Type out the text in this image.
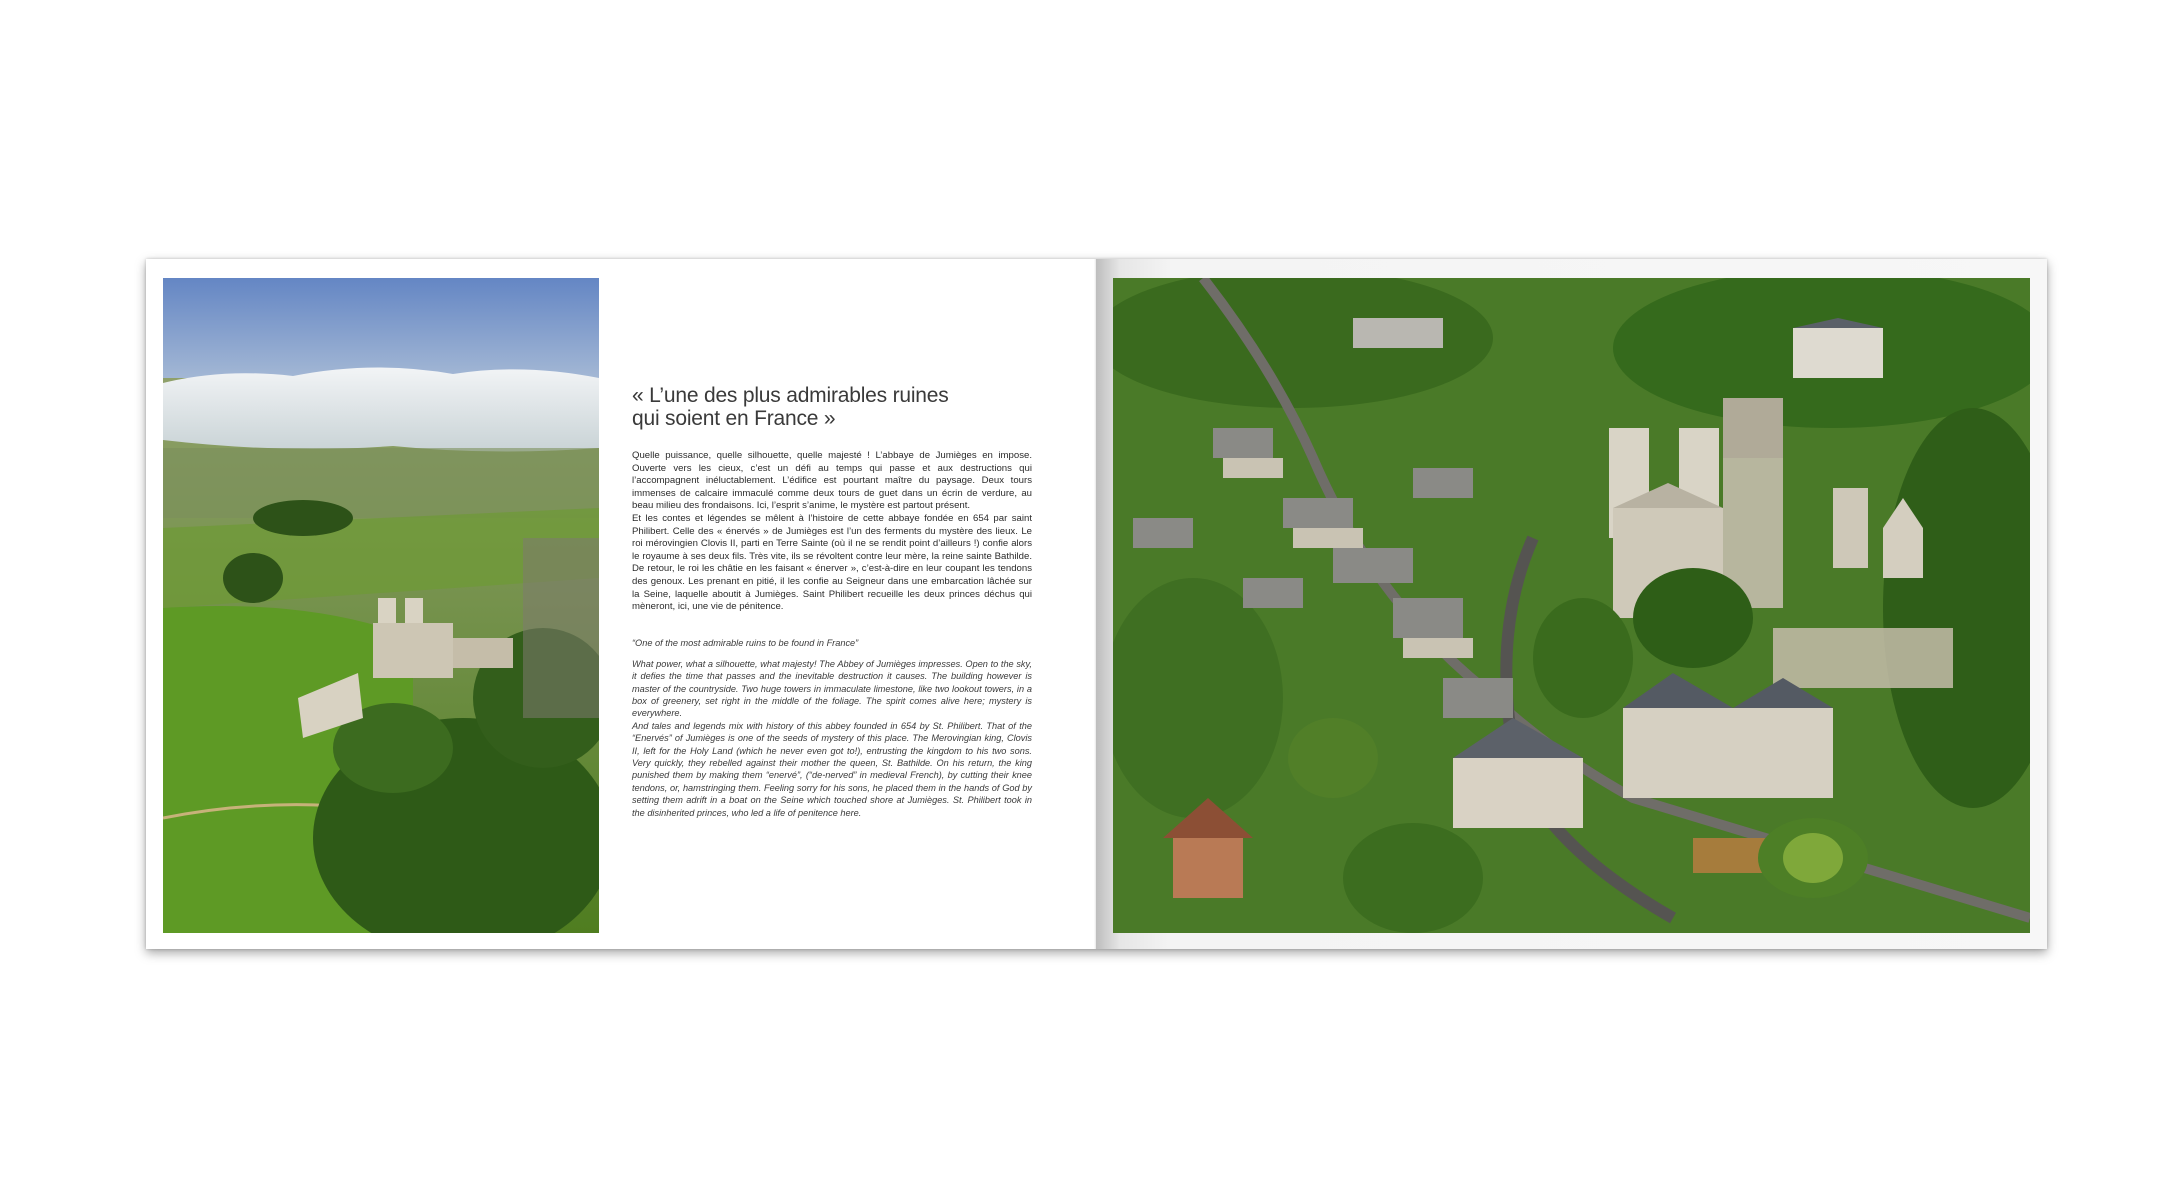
« L’une des plus admirables ruines
qui soient en France »

Quelle puissance, quelle silhouette, quelle majesté ! L’abbaye de Jumièges en impose. Ouverte vers les cieux, c’est un défi au temps qui passe et aux destructions qui l’accompagnent inéluctablement. L’édifice est pourtant maître du paysage. Deux tours immenses de calcaire immaculé comme deux tours de guet dans un écrin de verdure, au beau milieu des frondaisons. Ici, l’esprit s’anime, le mystère est partout présent.

Et les contes et légendes se mêlent à l’histoire de cette abbaye fondée en 654 par saint Philibert. Celle des « énervés » de Jumièges est l’un des ferments du mystère des lieux. Le roi mérovingien Clovis II, parti en Terre Sainte (où il ne se rendit point d’ailleurs !) confie alors le royaume à ses deux fils. Très vite, ils se révoltent contre leur mère, la reine sainte Bathilde. De retour, le roi les châtie en les faisant « énerver », c’est-à-dire en leur coupant les tendons des genoux. Les prenant en pitié, il les confie au Seigneur dans une embarcation lâchée sur la Seine, laquelle aboutit à Jumièges. Saint Philibert recueille les deux princes déchus qui mèneront, ici, une vie de pénitence.

“One of the most admirable ruins to be found in France”

What power, what a silhouette, what majesty! The Abbey of Jumièges impresses. Open to the sky, it defies the time that passes and the inevitable destruction it causes. The building however is master of the countryside. Two huge towers in immaculate limestone, like two lookout towers, in a box of greenery, set right in the middle of the foliage. The spirit comes alive here; mystery is everywhere.

And tales and legends mix with history of this abbey founded in 654 by St. Philibert. That of the “Enervés” of Jumièges is one of the seeds of mystery of this place. The Merovingian king, Clovis II, left for the Holy Land (which he never even got to!), entrusting the kingdom to his two sons. Very quickly, they rebelled against their mother the queen, St. Bathilde. On his return, the king punished them by making them “enervé”, (“de-nerved” in medieval French), by cutting their knee tendons, or, hamstringing them. Feeling sorry for his sons, he placed them in the hands of God by setting them adrift in a boat on the Seine which touched shore at Jumièges. St. Philibert took in the disinherited princes, who led a life of penitence here.
